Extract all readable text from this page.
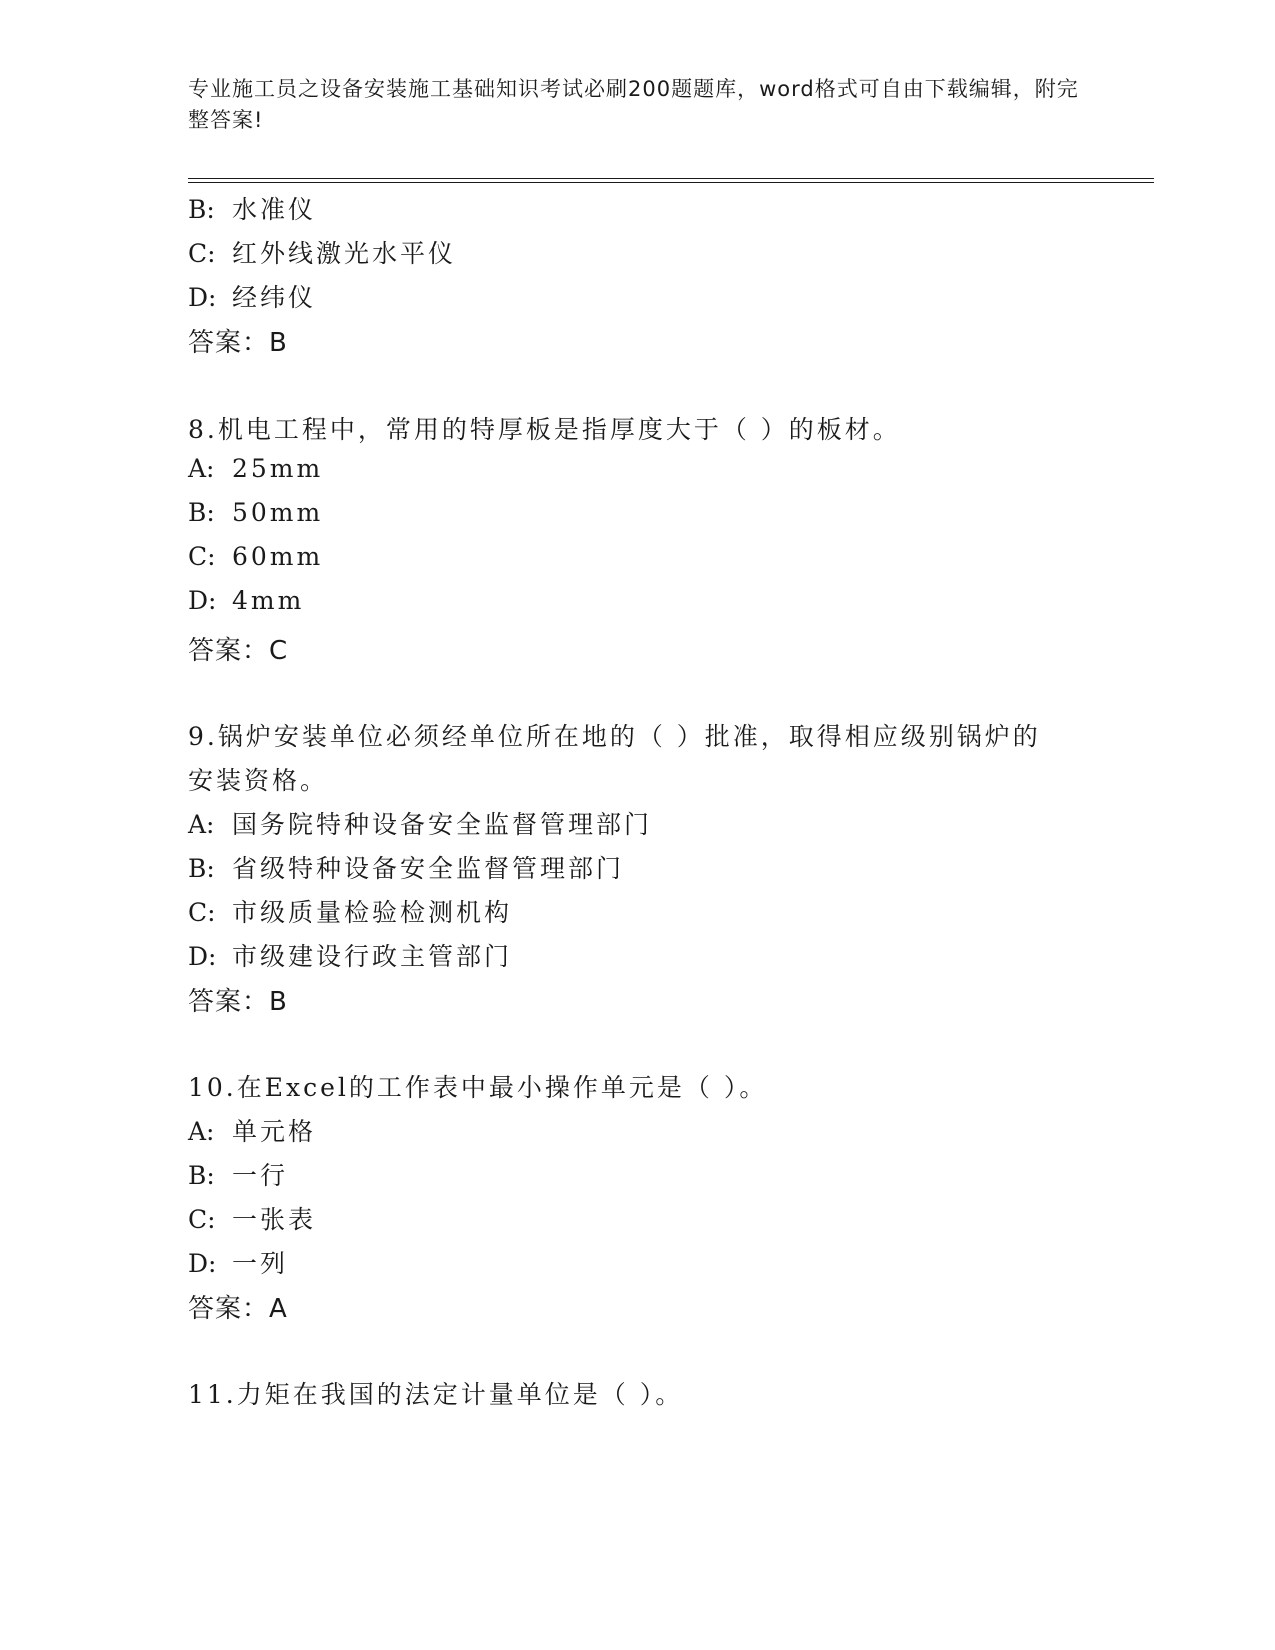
专业施工员之设备安装施工基础知识考试必刷200题题库，word格式可自由下载编辑，附完整答案!
B: 水准仪
C: 红外线激光水平仪
D: 经纬仪
答案：B
8.机电工程中，常用的特厚板是指厚度大于（ ）的板材。
A: 25mm
B: 50mm
C: 60mm
D: 4mm
答案：C
9.锅炉安装单位必须经单位所在地的（ ）批准，取得相应级别锅炉的
安装资格。
A: 国务院特种设备安全监督管理部门
B: 省级特种设备安全监督管理部门
C: 市级质量检验检测机构
D: 市级建设行政主管部门
答案：B
10.在Excel的工作表中最小操作单元是（ ）。
A: 单元格
B: 一行
C: 一张表
D: 一列
答案：A
11.力矩在我国的法定计量单位是（ ）。
